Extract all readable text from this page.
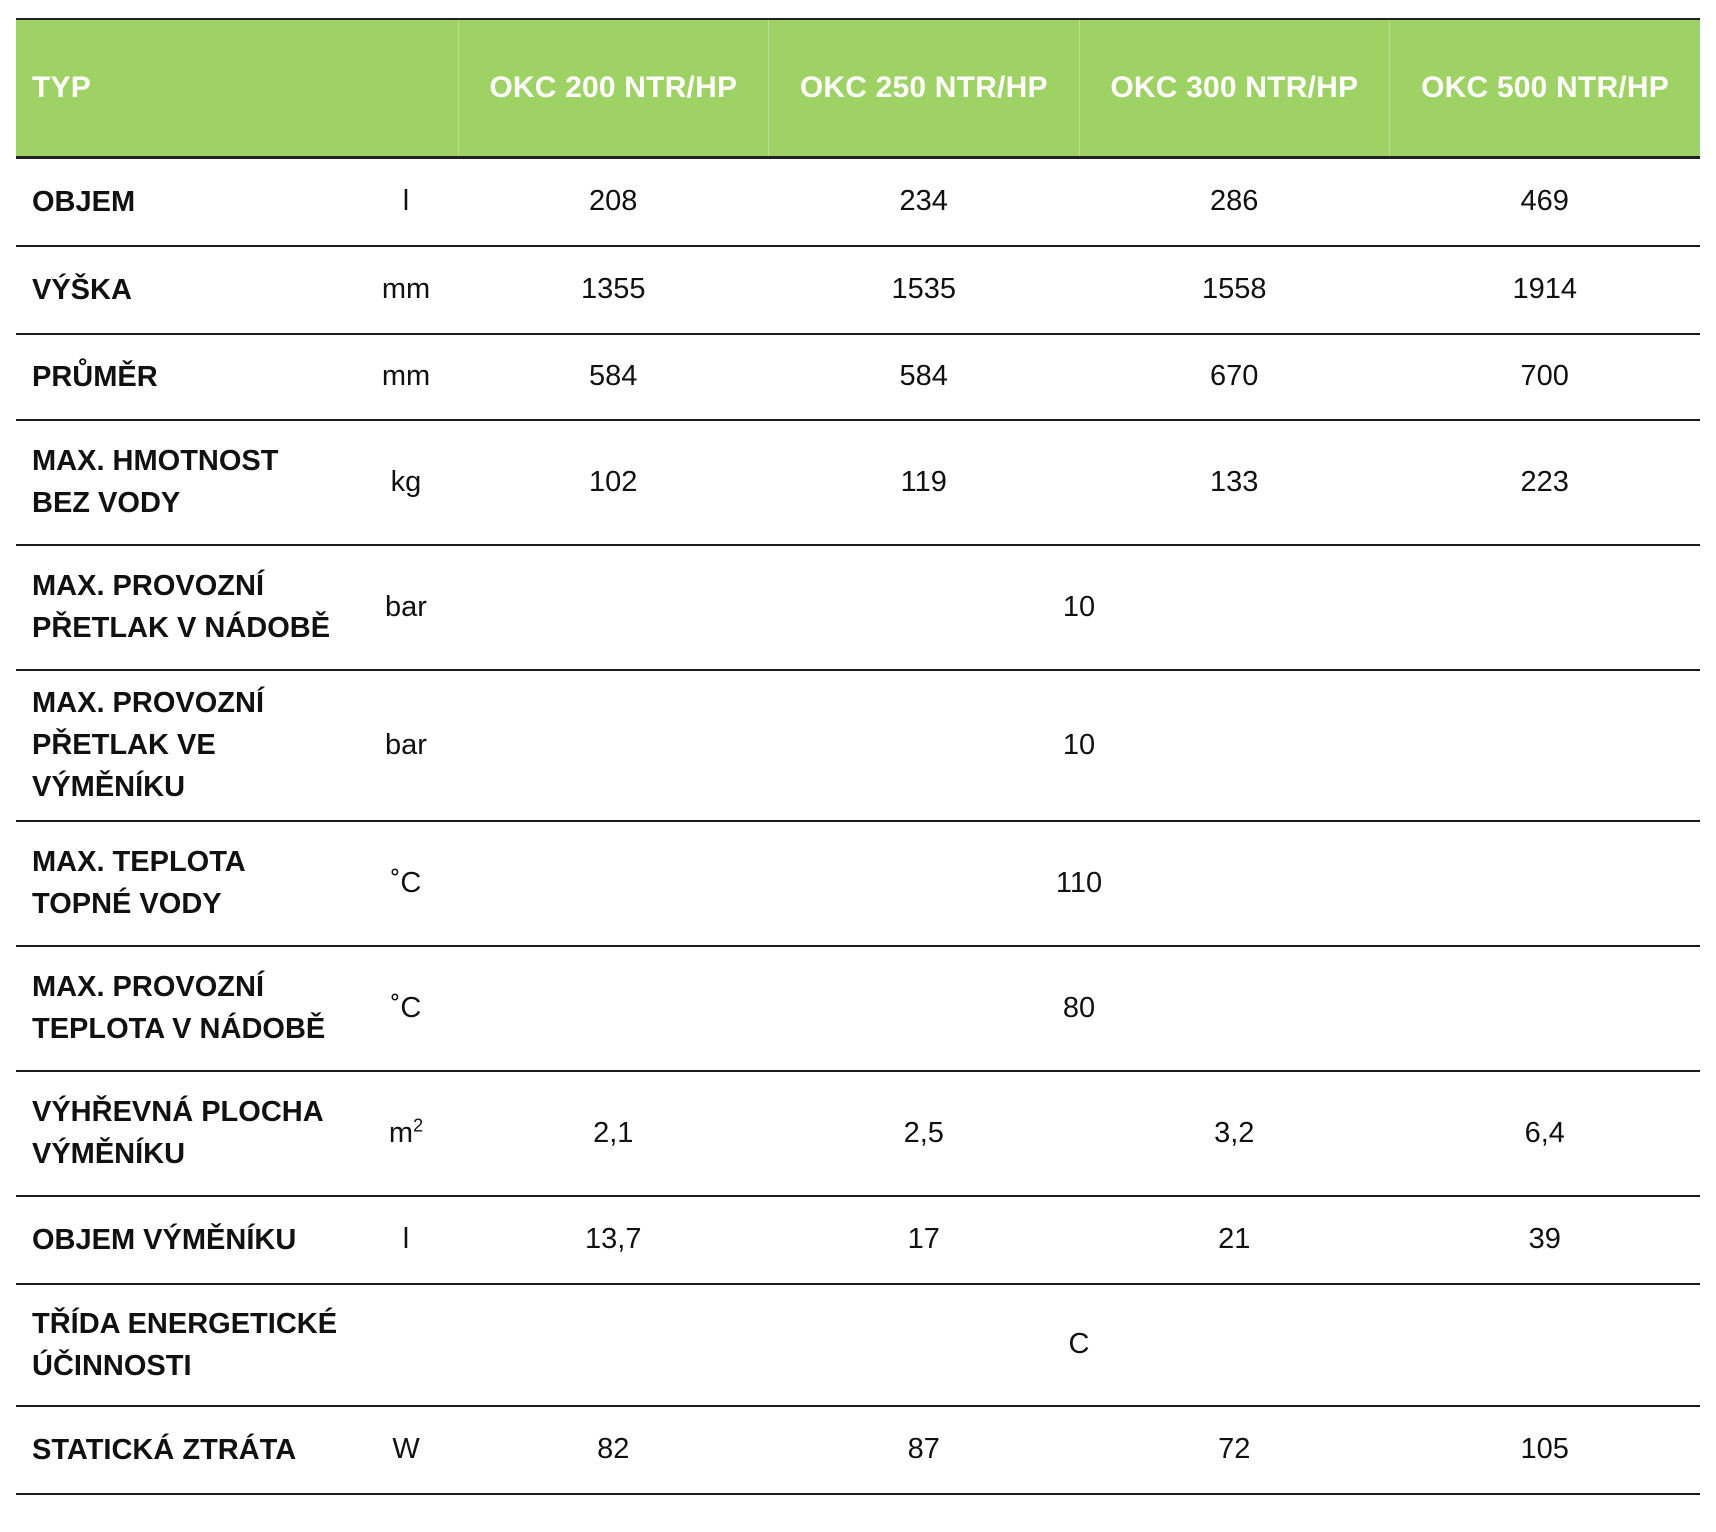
TYP		OKC 200 NTR/HP	OKC 250 NTR/HP	OKC 300 NTR/HP	OKC 500 NTR/HP
OBJEM	l	208	234	286	469
VÝŠKA	mm	1355	1535	1558	1914
PRŮMĚR	mm	584	584	670	700

MAX. HMOTNOST
BEZ VODY	kg	102	119	133	223

MAX. PROVOZNÍ
PŘETLAK V NÁDOBĚ	bar	10			

MAX. PROVOZNÍ
PŘETLAK VE
VÝMĚNÍKU	bar	10			

MAX. TEPLOTA
TOPNÉ VODY	˚C	110			

MAX. PROVOZNÍ
TEPLOTA V NÁDOBĚ	˚C	80			

VÝHŘEVNÁ PLOCHA
VÝMĚNÍKU	$m^2$	2,1	2,5	3,2	6,4
OBJEM VÝMĚNÍKU	l	13,7	17	21	39

TŘÍDA ENERGETICKÉ
ÚČINNOSTI		C			
STATICKÁ ZTRÁTA	W	82	87	72	105
